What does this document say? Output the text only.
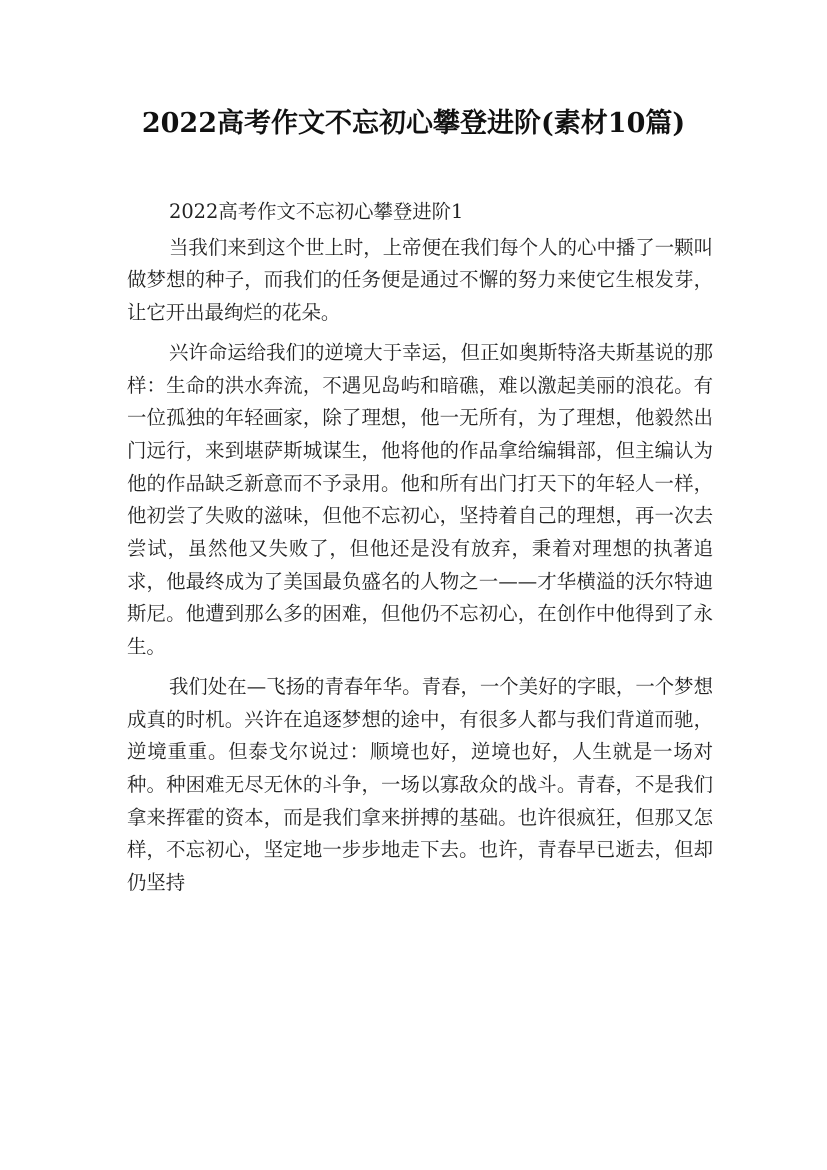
2022高考作文不忘初心攀登进阶(素材10篇)

2022高考作文不忘初心攀登进阶1

当我们来到这个世上时，上帝便在我们每个人的心中播了一颗叫做梦想的种子，而我们的任务便是通过不懈的努力来使它生根发芽，让它开出最绚烂的花朵。

兴许命运给我们的逆境大于幸运，但正如奥斯特洛夫斯基说的那样：生命的洪水奔流，不遇见岛屿和暗礁，难以激起美丽的浪花。有一位孤独的年轻画家，除了理想，他一无所有，为了理想，他毅然出门远行，来到堪萨斯城谋生，他将他的作品拿给编辑部，但主编认为他的作品缺乏新意而不予录用。他和所有出门打天下的年轻人一样，他初尝了失败的滋味，但他不忘初心，坚持着自己的理想，再一次去尝试，虽然他又失败了，但他还是没有放弃，秉着对理想的执著追求，他最终成为了美国最负盛名的人物之一——才华横溢的沃尔特迪斯尼。他遭到那么多的困难，但他仍不忘初心，在创作中他得到了永生。

我们处在—飞扬的青春年华。青春，一个美好的字眼，一个梦想成真的时机。兴许在追逐梦想的途中，有很多人都与我们背道而驰，逆境重重。但泰戈尔说过：顺境也好，逆境也好，人生就是一场对种。种困难无尽无休的斗争，一场以寡敌众的战斗。青春，不是我们拿来挥霍的资本，而是我们拿来拼搏的基础。也许很疯狂，但那又怎样，不忘初心，坚定地一步步地走下去。也许，青春早已逝去，但却仍坚持
